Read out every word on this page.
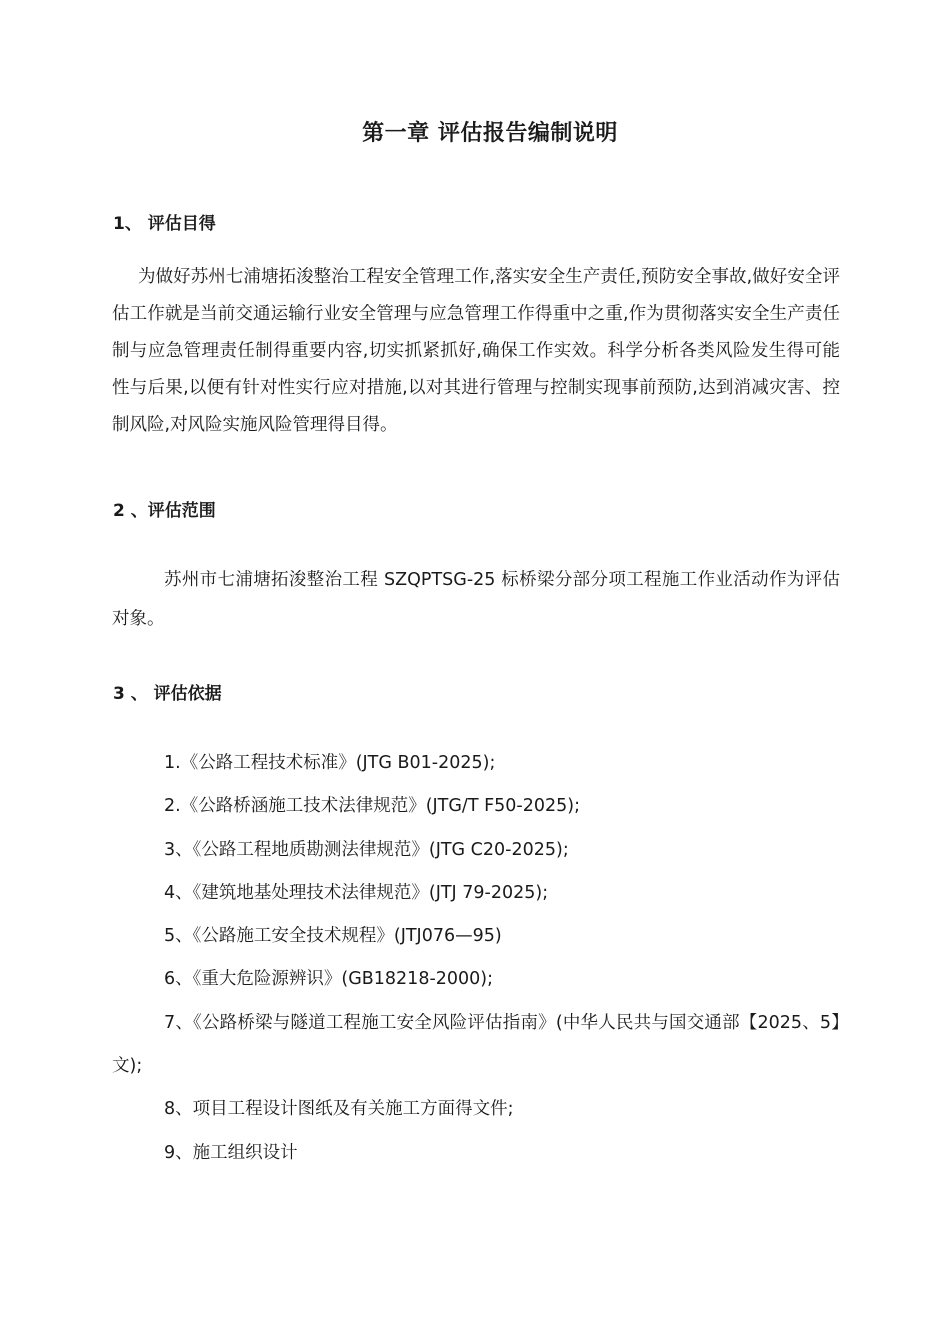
第一章 评估报告编制说明
1、 评估目得

为做好苏州七浦塘拓浚整治工程安全管理工作,落实安全生产责任,预防安全事故,做好安全评估工作就是当前交通运输行业安全管理与应急管理工作得重中之重,作为贯彻落实安全生产责任制与应急管理责任制得重要内容,切实抓紧抓好,确保工作实效。科学分析各类风险发生得可能性与后果,以便有针对性实行应对措施,以对其进行管理与控制实现事前预防,达到消减灾害、控制风险,对风险实施风险管理得目得。

2 、评估范围

苏州市七浦塘拓浚整治工程 SZQPTSG-25 标桥梁分部分项工程施工作业活动作为评估对象。

3 、 评估依据
1.《公路工程技术标准》(JTG B01-2025);
2.《公路桥涵施工技术法律规范》(JTG/T F50-2025);
3、《公路工程地质勘测法律规范》(JTG C20-2025);
4、《建筑地基处理技术法律规范》(JTJ 79-2025);
5、《公路施工安全技术规程》(JTJ076—95)
6、《重大危险源辨识》(GB18218-2000);
7、《公路桥梁与隧道工程施工安全风险评估指南》(中华人民共与国交通部【2025、5】文);
8、项目工程设计图纸及有关施工方面得文件;
9、施工组织设计
